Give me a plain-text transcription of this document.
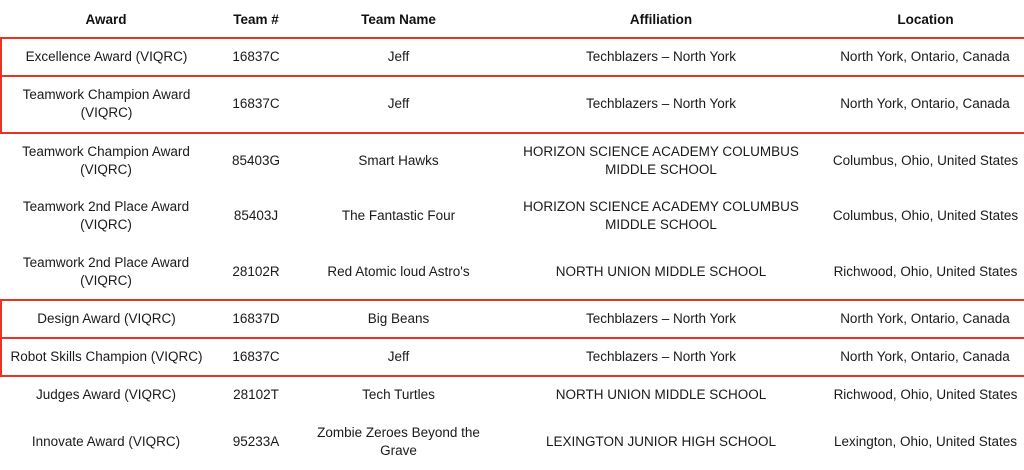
Award	Team #	Team Name	Affiliation	Location
Excellence Award (VIQRC)	16837C	Jeff	Techblazers – North York	North York, Ontario, Canada
Teamwork Champion Award (VIQRC)	16837C	Jeff	Techblazers – North York	North York, Ontario, Canada
Teamwork Champion Award (VIQRC)	85403G	Smart Hawks	HORIZON SCIENCE ACADEMY COLUMBUS MIDDLE SCHOOL	Columbus, Ohio, United States
Teamwork 2nd Place Award (VIQRC)	85403J	The Fantastic Four	HORIZON SCIENCE ACADEMY COLUMBUS MIDDLE SCHOOL	Columbus, Ohio, United States
Teamwork 2nd Place Award (VIQRC)	28102R	Red Atomic loud Astro's	NORTH UNION MIDDLE SCHOOL	Richwood, Ohio, United States
Design Award (VIQRC)	16837D	Big Beans	Techblazers – North York	North York, Ontario, Canada
Robot Skills Champion (VIQRC)	16837C	Jeff	Techblazers – North York	North York, Ontario, Canada
Judges Award (VIQRC)	28102T	Tech Turtles	NORTH UNION MIDDLE SCHOOL	Richwood, Ohio, United States
Innovate Award (VIQRC)	95233A	Zombie Zeroes Beyond the Grave	LEXINGTON JUNIOR HIGH SCHOOL	Lexington, Ohio, United States
